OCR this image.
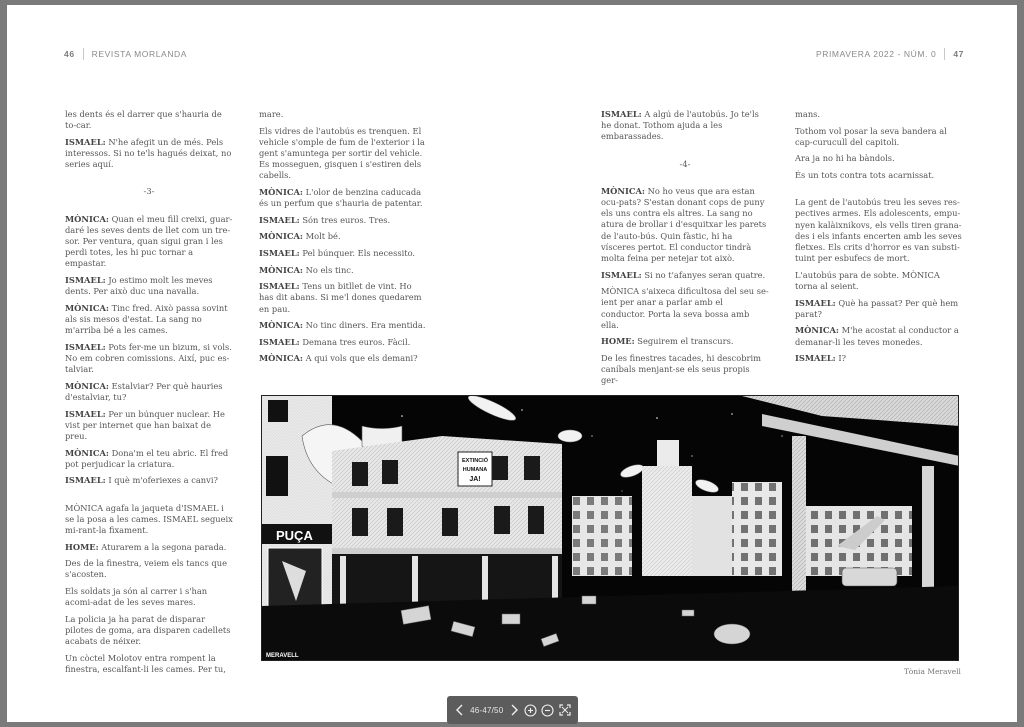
46 REVISTA MORLANDA	PRIMAVERA 2022 - NÚM. 0 47

les dents és el darrer que s'hauria de to-car.

ISMAEL: N'he afegit un de més. Pels interessos. Si no te'ls hagués deixat, no series aquí.

-3-

MÒNICA: Quan el meu fill creixi, guar-daré les seves dents de llet com un tre-sor. Per ventura, quan sigui gran i les perdi totes, les hi puc tornar a empastar.

ISMAEL: Jo estimo molt les meves dents. Per això duc una navalla.

MÒNICA: Tinc fred. Això passa sovint als sis mesos d'estat. La sang no m'arriba bé a les cames.

ISMAEL: Pots fer-me un bizum, si vols. No em cobren comissions. Així, puc es-talviar.

MÒNICA: Estalviar? Per què hauries d'estalviar, tu?

ISMAEL: Per un búnquer nuclear. He vist per internet que han baixat de preu.

MÒNICA: Dona'm el teu abric. El fred pot perjudicar la criatura.

ISMAEL: I què m'oferiexes a canvi?

MÒNICA agafa la jaqueta d'ISMAEL i se la posa a les cames. ISMAEL segueix mi-rant-la fixament.

HOME: Aturarem a la segona parada.

Des de la finestra, veiem els tancs que s'acosten.

Els soldats ja són al carrer i s'han acomi-adat de les seves mares.

La policia ja ha parat de disparar pilotes de goma, ara disparen cadellets acabats de néixer.

Un còctel Molotov entra rompent la finestra, escalfant-li les cames. Per tu,

mare.

Els vidres de l'autobús es trenquen. El vehicle s'omple de fum de l'exterior i la gent s'amuntega per sortir del vehicle. Es mosseguen, gisquen i s'estiren dels cabells.

MÒNICA: L'olor de benzina caducada és un perfum que s'hauria de patentar.

ISMAEL: Són tres euros. Tres.

MÒNICA: Molt bé.

ISMAEL: Pel búnquer. Els necessito.

MÒNICA: No els tinc.

ISMAEL: Tens un bitllet de vint. Ho has dit abans. Si me'l dones quedarem en pau.

MÒNICA: No tinc diners. Era mentida.

ISMAEL: Demana tres euros. Fàcil.

MÒNICA: A qui vols que els demani?

ISMAEL: A algú de l'autobús. Jo te'ls he donat. Tothom ajuda a les embarassades.

-4-

MÒNICA: No ho veus que ara estan ocu-pats? S'estan donant cops de puny els uns contra els altres. La sang no atura de brollar i d'esquitxar les parets de l'auto-bús. Quin fàstic, hi ha vísceres pertot. El conductor tindrà molta feina per netejar tot això.

ISMAEL: Si no t'afanyes seran quatre.

MÒNICA s'aixeca dificultosa del seu se-ient per anar a parlar amb el conductor. Porta la seva bossa amb ella.

HOME: Seguirem el transcurs.

De les finestres tacades, hi descobrim caníbals menjant-se els seus propis ger-

mans.

Tothom vol posar la seva bandera al cap-curucull del capitoli.

Ara ja no hi ha bàndols.

És un tots contra tots acarnissat.

La gent de l'autobús treu les seves res-pectives armes. Els adolescents, empu-nyen kalàixnikovs, els vells tiren grana-des i els infants encerten amb les seves fletxes. Els crits d'horror es van substi-tuint per esbufecs de mort.

L'autobús para de sobte. MÒNICA torna al seient.

ISMAEL: Què ha passat? Per què hem parat?

MÒNICA: M'he acostat al conductor a demanar-li les teves monedes.

ISMAEL: I?

PUÇA
EXTINCIÓ
HUMANA
JA!
MERAVELL
Tònia Meravell
46-47/50
